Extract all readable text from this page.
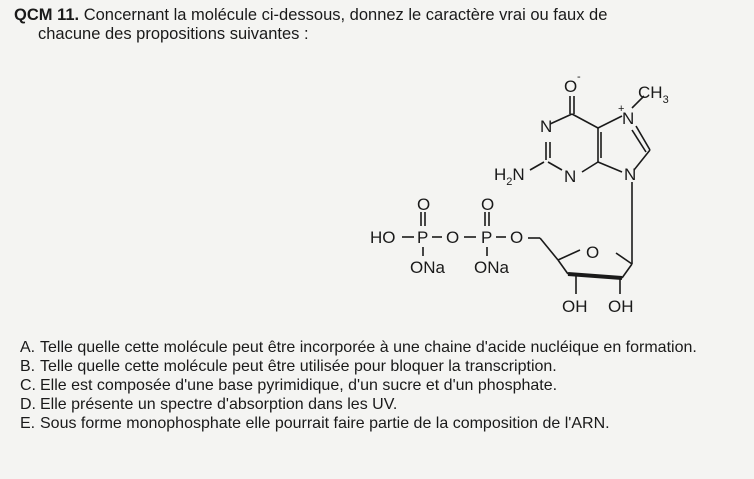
QCM 11. Concernant la molécule ci-dessous, donnez le caractère vrai ou faux de
chacune des propositions suivantes :
O -
$CH_3$
N	N
+
N
N
$H_2N$
HO P O P O
O	O
ONa ONa
O
OH OH
A. Telle quelle cette molécule peut être incorporée à une chaine d'acide nucléique en formation.
B. Telle quelle cette molécule peut être utilisée pour bloquer la transcription.
C. Elle est composée d'une base pyrimidique, d'un sucre et d'un phosphate.
D. Elle présente un spectre d'absorption dans les UV.
E. Sous forme monophosphate elle pourrait faire partie de la composition de l'ARN.
